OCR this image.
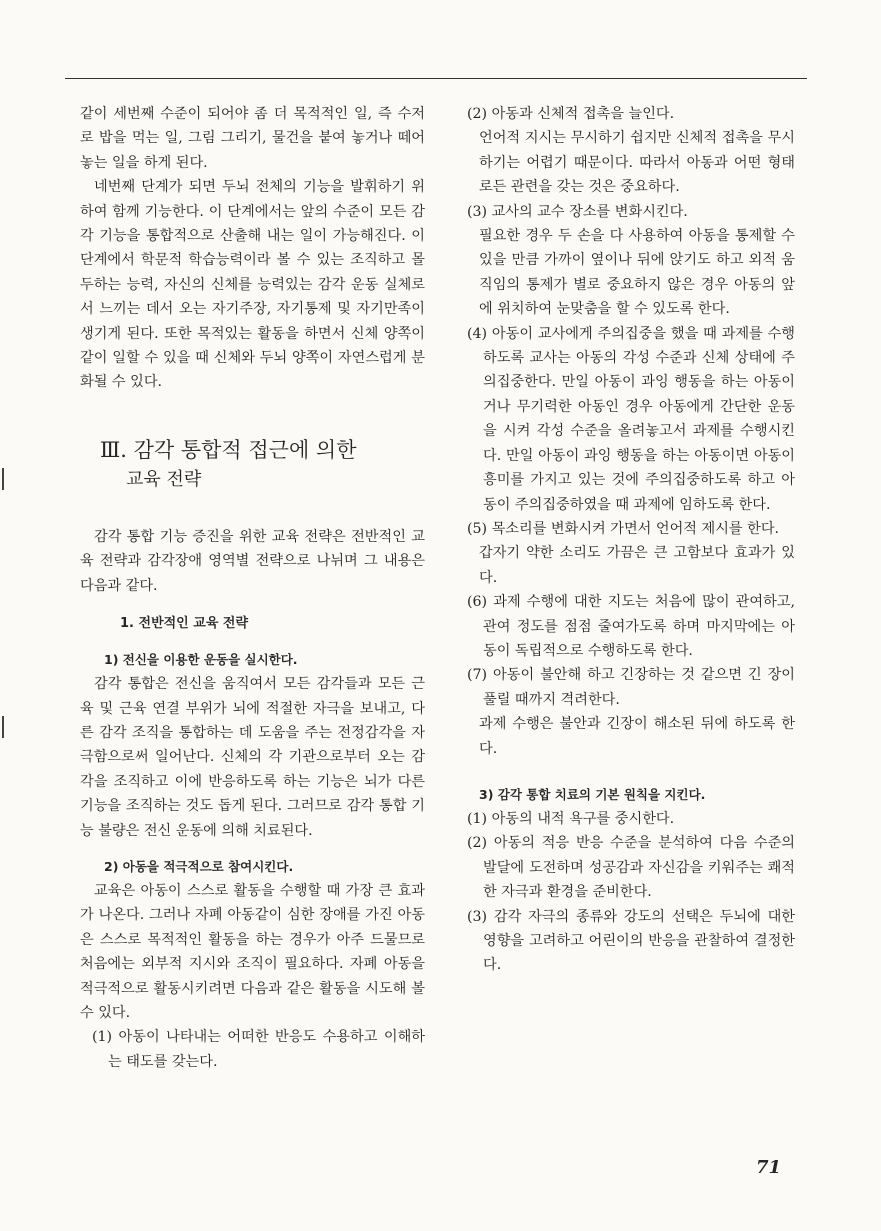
같이 세번째 수준이 되어야 좀 더 목적적인 일, 즉 수저로 밥을 먹는 일, 그림 그리기, 물건을 붙여 놓거나 떼어 놓는 일을 하게 된다.

네번째 단계가 되면 두뇌 전체의 기능을 발휘하기 위하여 함께 기능한다. 이 단계에서는 앞의 수준이 모든 감각 기능을 통합적으로 산출해 내는 일이 가능해진다. 이 단계에서 학문적 학습능력이라 볼 수 있는 조직하고 몰두하는 능력, 자신의 신체를 능력있는 감각 운동 실체로서 느끼는 데서 오는 자기주장, 자기통제 및 자기만족이 생기게 된다. 또한 목적있는 활동을 하면서 신체 양쪽이 같이 일할 수 있을 때 신체와 두뇌 양쪽이 자연스럽게 분화될 수 있다.

Ⅲ. 감각 통합적 접근에 의한
교육 전략

감각 통합 기능 증진을 위한 교육 전략은 전반적인 교육 전략과 감각장애 영역별 전략으로 나뉘며 그 내용은 다음과 같다.

1. 전반적인 교육 전략

1) 전신을 이용한 운동을 실시한다.

감각 통합은 전신을 움직여서 모든 감각들과 모든 근육 및 근육 연결 부위가 뇌에 적절한 자극을 보내고, 다른 감각 조직을 통합하는 데 도움을 주는 전정감각을 자극함으로써 일어난다. 신체의 각 기관으로부터 오는 감각을 조직하고 이에 반응하도록 하는 기능은 뇌가 다른 기능을 조직하는 것도 돕게 된다. 그러므로 감각 통합 기능 불량은 전신 운동에 의해 치료된다.

2) 아동을 적극적으로 참여시킨다.

교육은 아동이 스스로 활동을 수행할 때 가장 큰 효과가 나온다. 그러나 자폐 아동같이 심한 장애를 가진 아동은 스스로 목적적인 활동을 하는 경우가 아주 드물므로 처음에는 외부적 지시와 조직이 필요하다. 자폐 아동을 적극적으로 활동시키려면 다음과 같은 활동을 시도해 볼 수 있다.

(1) 아동이 나타내는 어떠한 반응도 수용하고 이해하는 태도를 갖는다.

(2) 아동과 신체적 접촉을 늘인다.

언어적 지시는 무시하기 쉽지만 신체적 접촉을 무시하기는 어렵기 때문이다. 따라서 아동과 어떤 형태로든 관련을 갖는 것은 중요하다.

(3) 교사의 교수 장소를 변화시킨다.

필요한 경우 두 손을 다 사용하여 아동을 통제할 수 있을 만큼 가까이 옆이나 뒤에 앉기도 하고 외적 움직임의 통제가 별로 중요하지 않은 경우 아동의 앞에 위치하여 눈맞춤을 할 수 있도록 한다.

(4) 아동이 교사에게 주의집중을 했을 때 과제를 수행하도록 교사는 아동의 각성 수준과 신체 상태에 주의집중한다. 만일 아동이 과잉 행동을 하는 아동이거나 무기력한 아동인 경우 아동에게 간단한 운동을 시켜 각성 수준을 올려놓고서 과제를 수행시킨다. 만일 아동이 과잉 행동을 하는 아동이면 아동이 흥미를 가지고 있는 것에 주의집중하도록 하고 아동이 주의집중하였을 때 과제에 임하도록 한다.

(5) 목소리를 변화시켜 가면서 언어적 제시를 한다.

갑자기 약한 소리도 가끔은 큰 고함보다 효과가 있다.

(6) 과제 수행에 대한 지도는 처음에 많이 관여하고, 관여 정도를 점점 줄여가도록 하며 마지막에는 아동이 독립적으로 수행하도록 한다.

(7) 아동이 불안해 하고 긴장하는 것 같으면 긴 장이 풀릴 때까지 격려한다.

과제 수행은 불안과 긴장이 해소된 뒤에 하도록 한다.

3) 감각 통합 치료의 기본 원칙을 지킨다.

(1) 아동의 내적 욕구를 중시한다.

(2) 아동의 적응 반응 수준을 분석하여 다음 수준의 발달에 도전하며 성공감과 자신감을 키워주는 쾌적한 자극과 환경을 준비한다.

(3) 감각 자극의 종류와 강도의 선택은 두뇌에 대한 영향을 고려하고 어린이의 반응을 관찰하여 결정한다.

71
